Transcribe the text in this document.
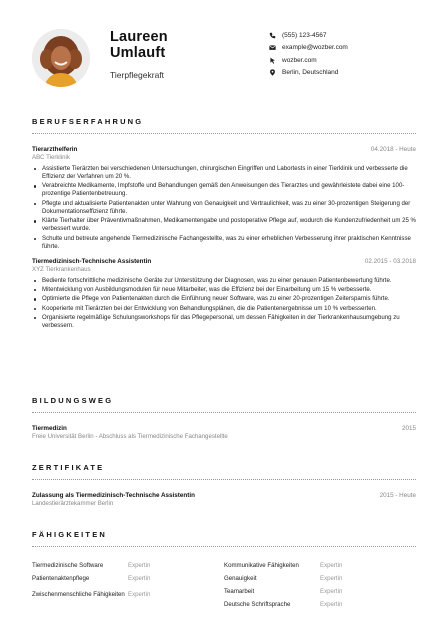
Laureen
Umlauft
Tierpflegekraft
(555) 123-4567
example@wozber.com
wozber.com
Berlin, Deutschland
BERUFSERFAHRUNG
Tierarzthelferin	04.2018 - Heute
ABC Tierklinik
Assistierte Tierärzten bei verschiedenen Untersuchungen, chirurgischen Eingriffen und Labortests in einer Tierklinik und verbesserte die Effizienz der Verfahren um 20 %.
Verabreichte Medikamente, Impfstoffe und Behandlungen gemäß den Anweisungen des Tierarztes und gewährleistete dabei eine 100-prozentige Patientenbetreuung.
Pflegte und aktualisierte Patientenakten unter Wahrung von Genauigkeit und Vertraulichkeit, was zu einer 30-prozentigen Steigerung der Dokumentationseffizienz führte.
Klärte Tierhalter über Präventivmaßnahmen, Medikamentengabe und postoperative Pflege auf, wodurch die Kundenzufriedenheit um 25 % verbessert wurde.
Schulte und betreute angehende Tiermedizinische Fachangestellte, was zu einer erheblichen Verbesserung ihrer praktischen Kenntnisse führte.
Tiermedizinisch-Technische Assistentin	02.2015 - 03.2018
XYZ Tierkrankenhaus
Bediente fortschrittliche medizinische Geräte zur Unterstützung der Diagnosen, was zu einer genauen Patientenbewertung führte.
Mitentwicklung von Ausbildungsmodulen für neue Mitarbeiter, was die Effizienz bei der Einarbeitung um 15 % verbesserte.
Optimierte die Pflege von Patientenakten durch die Einführung neuer Software, was zu einer 20-prozentigen Zeitersparnis führte.
Kooperierte mit Tierärzten bei der Entwicklung von Behandlungsplänen, die die Patientenergebnisse um 10 % verbesserten.
Organisierte regelmäßige Schulungsworkshops für das Pflegepersonal, um dessen Fähigkeiten in der Tierkrankenhausumgebung zu verbessern.
BILDUNGSWEG
Tiermedizin	2015
Freie Universität Berlin - Abschluss als Tiermedizinische Fachangestellte
ZERTIFIKATE
Zulassung als Tiermedizinisch-Technische Assistentin	2015 - Heute
Landestierärztekammer Berlin
FÄHIGKEITEN
Tiermedizinische Software	Expertin
Patientenaktenpflege	Expertin
Zwischenmenschliche Fähigkeiten Expertin
Kommunikative Fähigkeiten	Expertin
Genauigkeit	Expertin
Teamarbeit	Expertin
Deutsche Schriftsprache	Expertin
